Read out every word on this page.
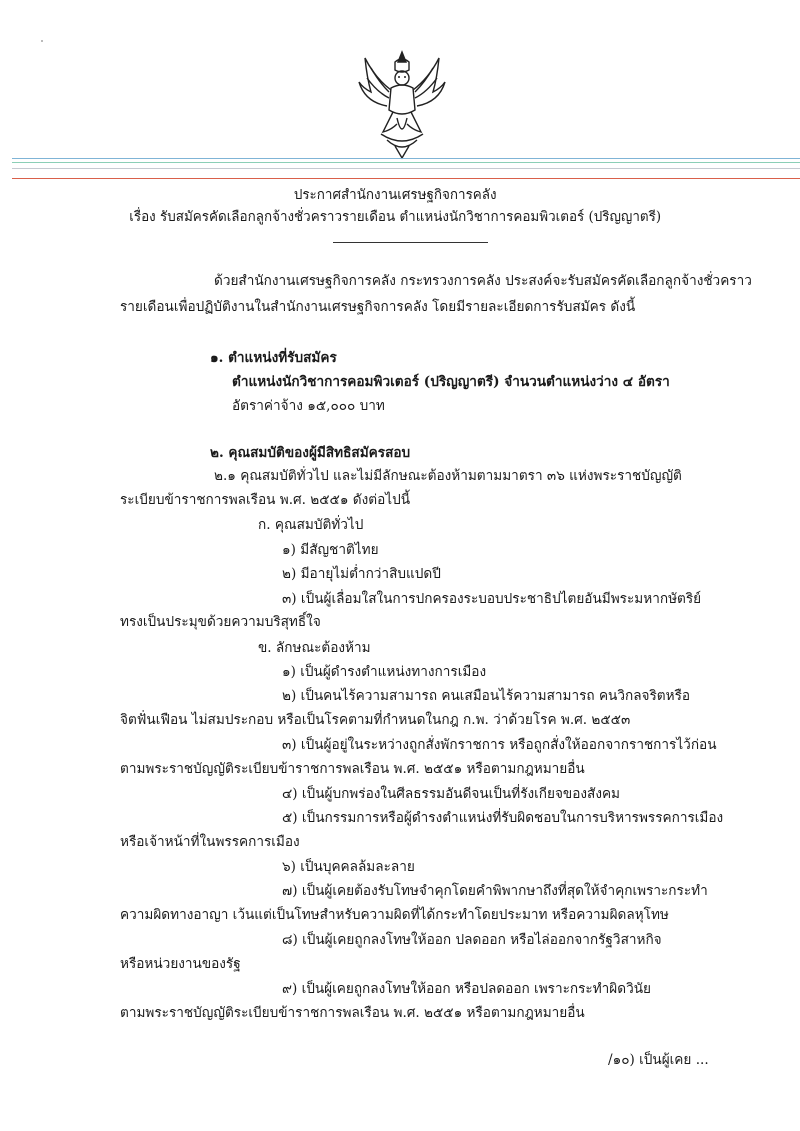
ประกาศสำนักงานเศรษฐกิจการคลัง
เรื่อง รับสมัครคัดเลือกลูกจ้างชั่วคราวรายเดือน ตำแหน่งนักวิชาการคอมพิวเตอร์ (ปริญญาตรี)
ด้วยสำนักงานเศรษฐกิจการคลัง กระทรวงการคลัง ประสงค์จะรับสมัครคัดเลือกลูกจ้างชั่วคราว
รายเดือนเพื่อปฏิบัติงานในสำนักงานเศรษฐกิจการคลัง โดยมีรายละเอียดการรับสมัคร ดังนี้
๑. ตำแหน่งที่รับสมัคร
ตำแหน่งนักวิชาการคอมพิวเตอร์ (ปริญญาตรี) จำนวนตำแหน่งว่าง ๔ อัตรา
อัตราค่าจ้าง ๑๕,๐๐๐ บาท
๒. คุณสมบัติของผู้มีสิทธิสมัครสอบ
๒.๑ คุณสมบัติทั่วไป และไม่มีลักษณะต้องห้ามตามมาตรา ๓๖ แห่งพระราชบัญญัติ
ระเบียบข้าราชการพลเรือน พ.ศ. ๒๕๕๑ ดังต่อไปนี้
ก. คุณสมบัติทั่วไป
๑) มีสัญชาติไทย
๒) มีอายุไม่ต่ำกว่าสิบแปดปี
๓) เป็นผู้เลื่อมใสในการปกครองระบอบประชาธิปไตยอันมีพระมหากษัตริย์
ทรงเป็นประมุขด้วยความบริสุทธิ์ใจ
ข. ลักษณะต้องห้าม
๑) เป็นผู้ดำรงตำแหน่งทางการเมือง
๒) เป็นคนไร้ความสามารถ คนเสมือนไร้ความสามารถ คนวิกลจริตหรือ
จิตฟั่นเฟือน ไม่สมประกอบ หรือเป็นโรคตามที่กำหนดในกฎ ก.พ. ว่าด้วยโรค พ.ศ. ๒๕๕๓
๓) เป็นผู้อยู่ในระหว่างถูกสั่งพักราชการ หรือถูกสั่งให้ออกจากราชการไว้ก่อน
ตามพระราชบัญญัติระเบียบข้าราชการพลเรือน พ.ศ. ๒๕๕๑ หรือตามกฎหมายอื่น
๔) เป็นผู้บกพร่องในศีลธรรมอันดีจนเป็นที่รังเกียจของสังคม
๕) เป็นกรรมการหรือผู้ดำรงตำแหน่งที่รับผิดชอบในการบริหารพรรคการเมือง
หรือเจ้าหน้าที่ในพรรคการเมือง
๖) เป็นบุคคลล้มละลาย
๗) เป็นผู้เคยต้องรับโทษจำคุกโดยคำพิพากษาถึงที่สุดให้จำคุกเพราะกระทำ
ความผิดทางอาญา เว้นแต่เป็นโทษสำหรับความผิดที่ได้กระทำโดยประมาท หรือความผิดลหุโทษ
๘) เป็นผู้เคยถูกลงโทษให้ออก ปลดออก หรือไล่ออกจากรัฐวิสาหกิจ
หรือหน่วยงานของรัฐ
๙) เป็นผู้เคยถูกลงโทษให้ออก หรือปลดออก เพราะกระทำผิดวินัย
ตามพระราชบัญญัติระเบียบข้าราชการพลเรือน พ.ศ. ๒๕๕๑ หรือตามกฎหมายอื่น
/๑๐) เป็นผู้เคย ...
